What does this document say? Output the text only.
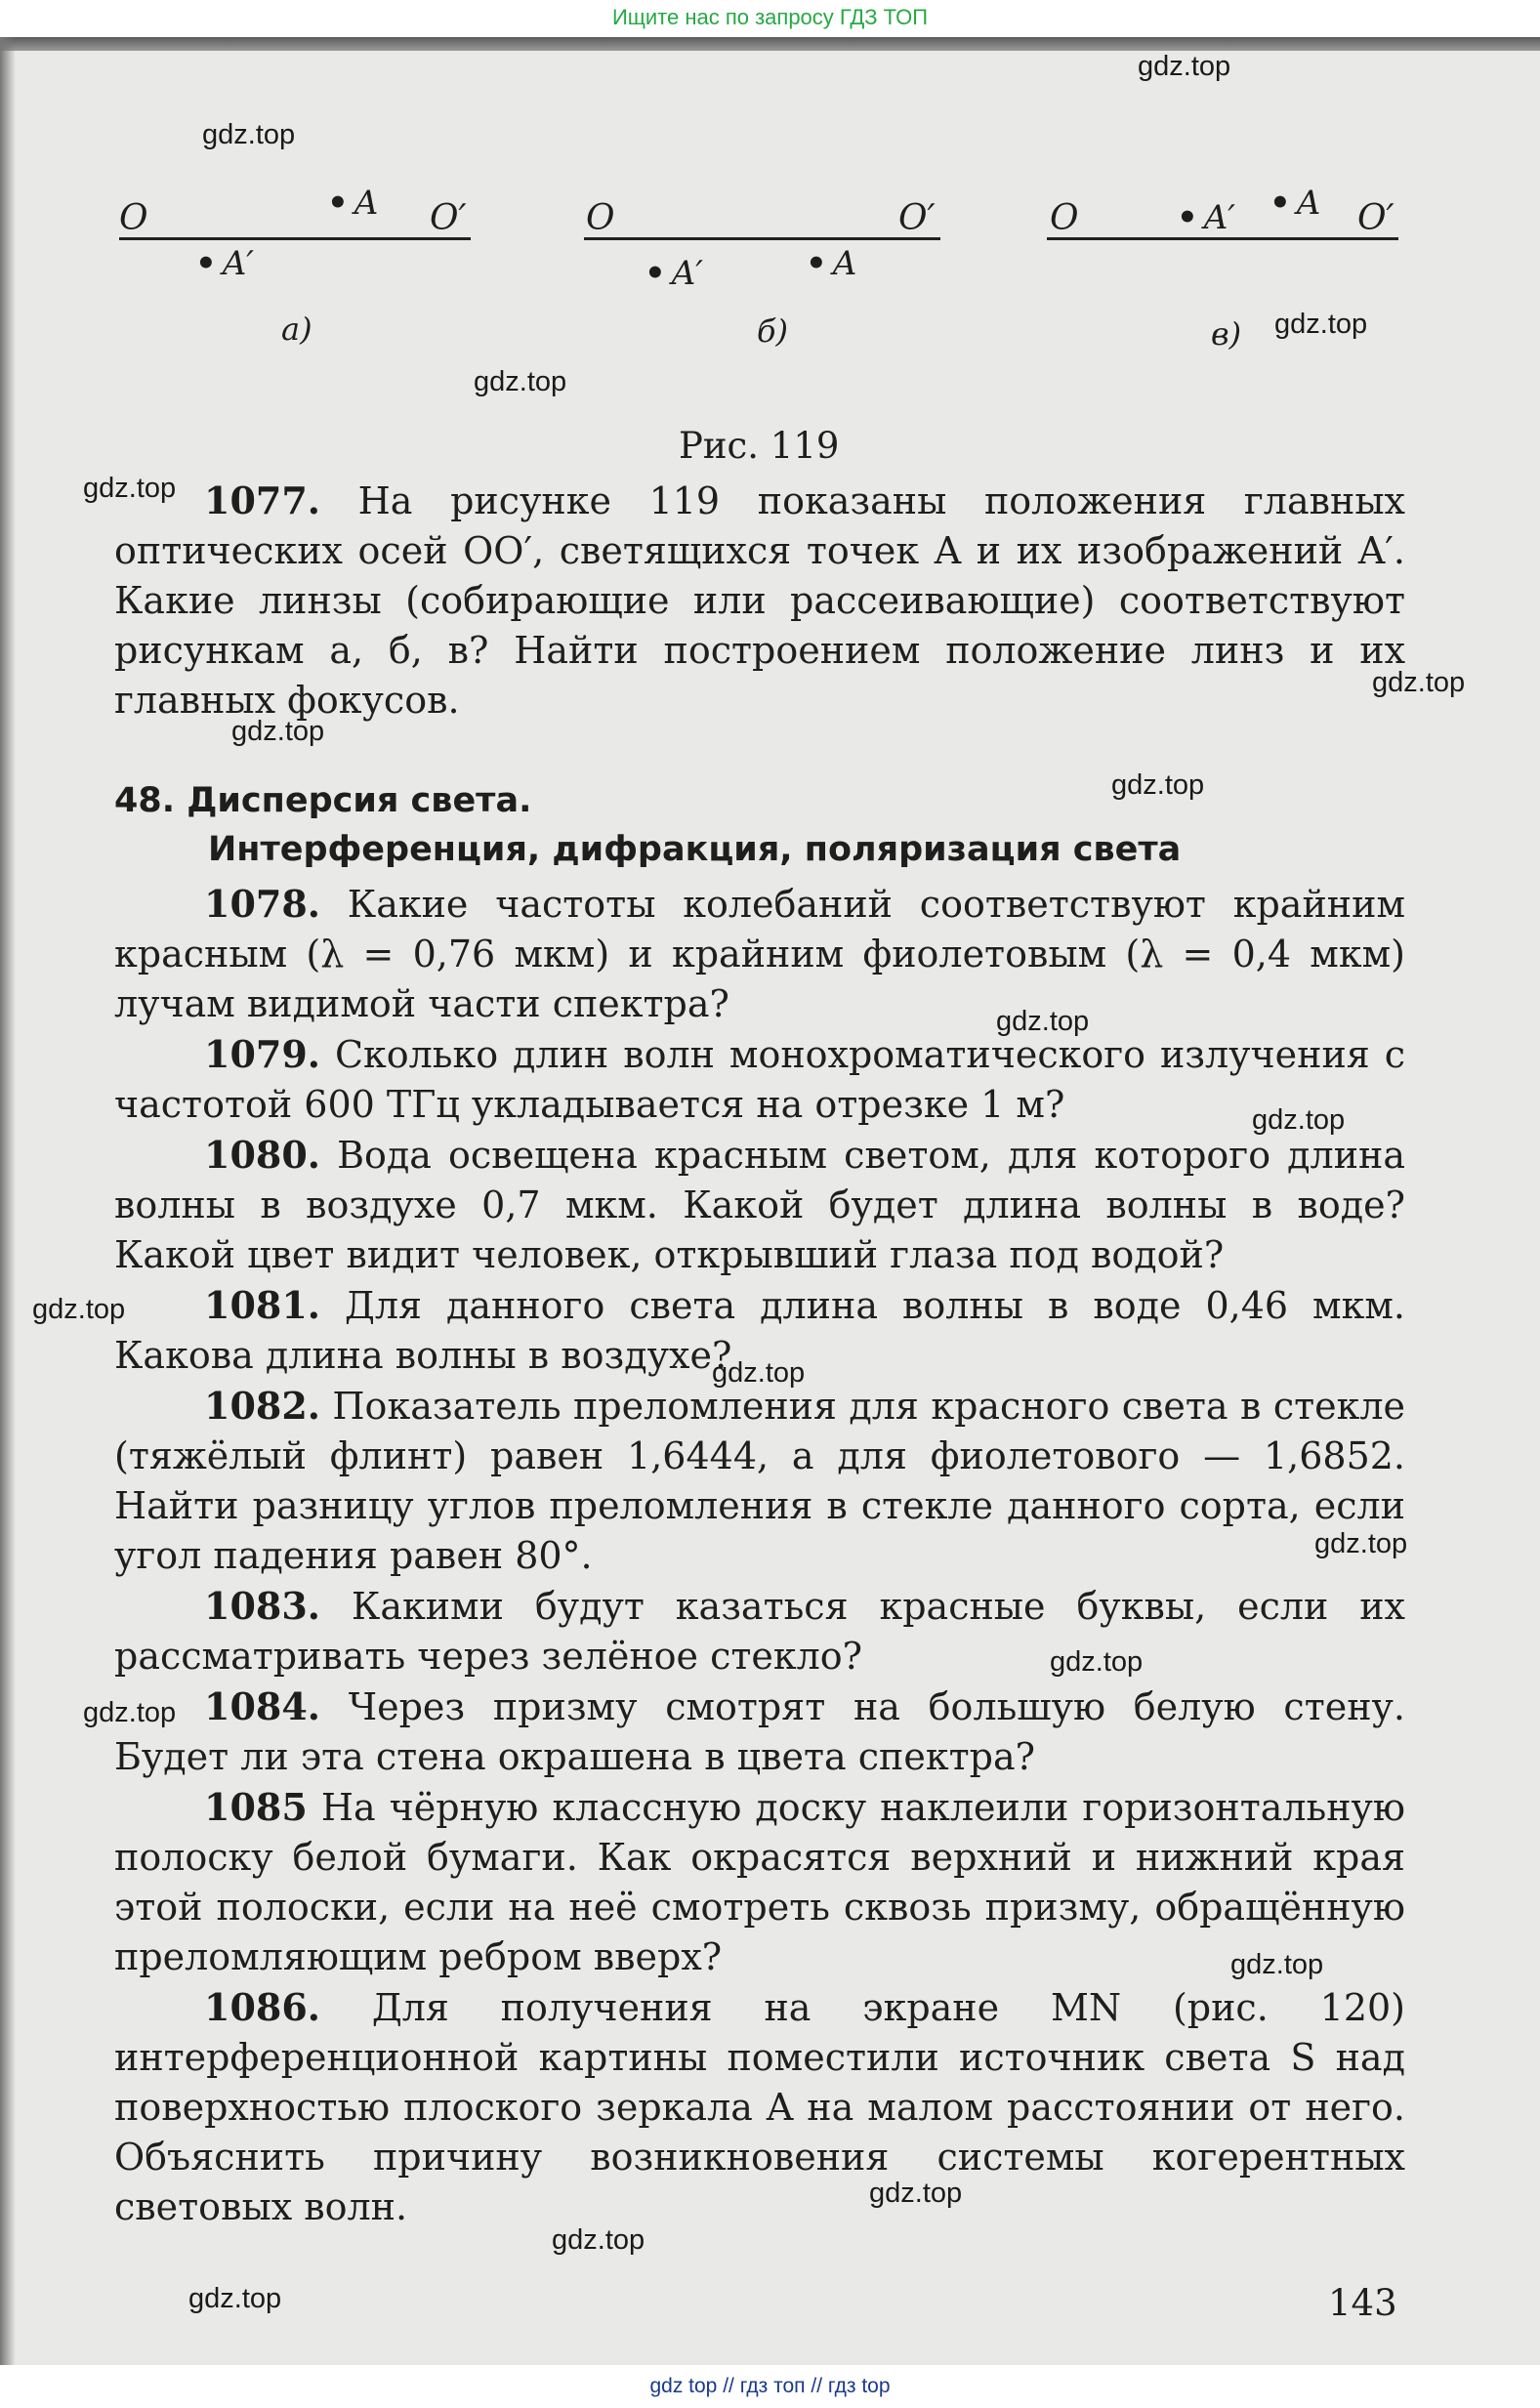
Ищите нас по запросу ГДЗ ТОП
O	O′
• A
• A′
а)
O	O′
• A
• A′
б)
O	O′
• A
• A′
в)
Рис. 119

1077. На рисунке 119 показаны положения главных оптических осей OO′, светящихся точек A и их изображений A′. Какие линзы (собирающие или рассеивающие) соответствуют рисункам а, б, в? Найти построением положение линз и их главных фокусов.

48. Дисперсия света.
Интерференция, дифракция, поляризация света

1078. Какие частоты колебаний соответствуют крайним красным (λ = 0,76 мкм) и крайним фиолетовым (λ = 0,4 мкм) лучам видимой части спектра?

1079. Сколько длин волн монохроматического излучения с частотой 600 ТГц укладывается на отрезке 1 м?

1080. Вода освещена красным светом, для которого длина волны в воздухе 0,7 мкм. Какой будет длина волны в воде? Какой цвет видит человек, открывший глаза под водой?

1081. Для данного света длина волны в воде 0,46 мкм. Какова длина волны в воздухе?

1082. Показатель преломления для красного света в стекле (тяжёлый флинт) равен 1,6444, а для фиолетового — 1,6852. Найти разницу углов преломления в стекле данного сорта, если угол падения равен 80°.

1083. Какими будут казаться красные буквы, если их рассматривать через зелёное стекло?

1084. Через призму смотрят на большую белую стену. Будет ли эта стена окрашена в цвета спектра?

1085 На чёрную классную доску наклеили горизонтальную полоску белой бумаги. Как окрасятся верхний и нижний края этой полоски, если на неё смотреть сквозь призму, обращённую преломляющим ребром вверх?

1086. Для получения на экране MN (рис. 120) интерференционной картины поместили источник света S над поверхностью плоского зеркала A на малом расстоянии от него. Объяснить причину возникновения системы когерентных световых волн.

143
gdz.top
gdz.top
gdz.top
gdz.top
gdz.top
gdz.top
gdz.top
gdz.top
gdz.top
gdz.top
gdz.top
gdz.top
gdz.top
gdz.top
gdz.top
gdz.top
gdz.top
gdz.top
gdz.top
gdz top // гдз топ // гдз top
